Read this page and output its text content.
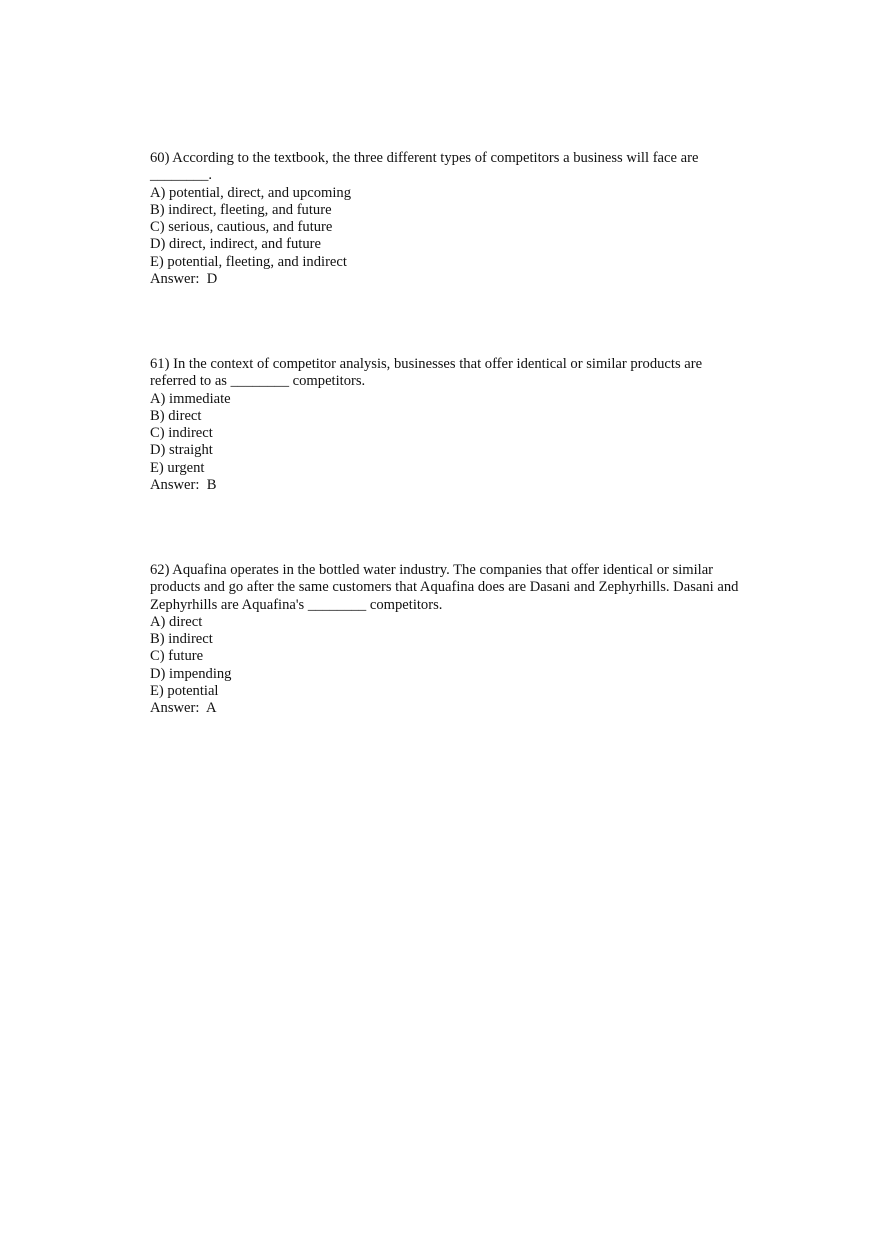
60) According to the textbook, the three different types of competitors a business will face are ________.
A) potential, direct, and upcoming
B) indirect, fleeting, and future
C) serious, cautious, and future
D) direct, indirect, and future
E) potential, fleeting, and indirect
Answer:  D
61) In the context of competitor analysis, businesses that offer identical or similar products are referred to as ________ competitors.
A) immediate
B) direct
C) indirect
D) straight
E) urgent
Answer:  B
62) Aquafina operates in the bottled water industry. The companies that offer identical or similar products and go after the same customers that Aquafina does are Dasani and Zephyrhills. Dasani and Zephyrhills are Aquafina's ________ competitors.
A) direct
B) indirect
C) future
D) impending
E) potential
Answer:  A
